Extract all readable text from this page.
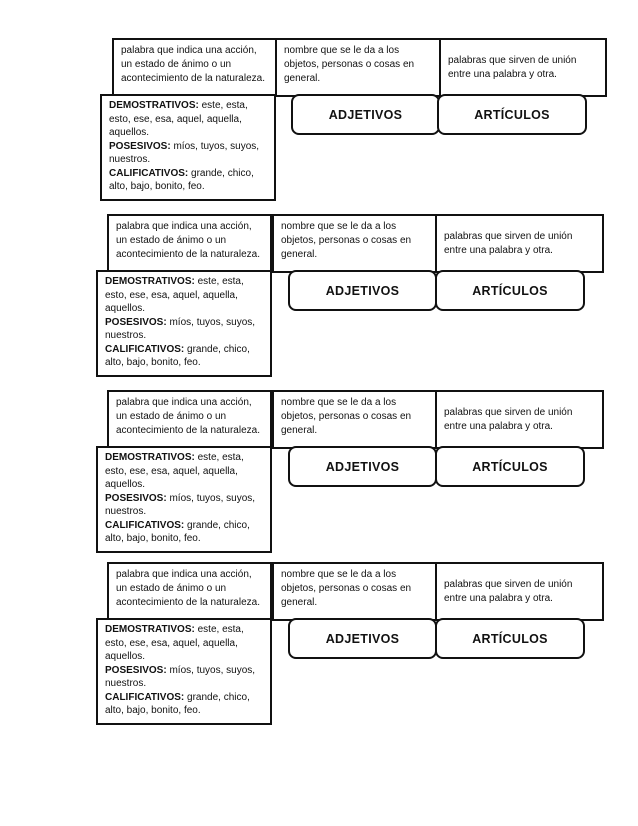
palabra que indica una acción, un estado de ánimo o un acontecimiento de la naturaleza.
nombre que se le da a los objetos, personas o cosas en general.
palabras que sirven de unión entre una palabra y otra.
DEMOSTRATIVOS: este, esta, esto, ese, esa, aquel, aquella, aquellos.
POSESIVOS: míos, tuyos, suyos, nuestros.
CALIFICATIVOS: grande, chico, alto, bajo, bonito, feo.
ADJETIVOS	ARTÍCULOS
palabra que indica una acción, un estado de ánimo o un acontecimiento de la naturaleza.
nombre que se le da a los objetos, personas o cosas en general.
palabras que sirven de unión entre una palabra y otra.
DEMOSTRATIVOS: este, esta, esto, ese, esa, aquel, aquella, aquellos.
POSESIVOS: míos, tuyos, suyos, nuestros.
CALIFICATIVOS: grande, chico, alto, bajo, bonito, feo.
ADJETIVOS	ARTÍCULOS
palabra que indica una acción, un estado de ánimo o un acontecimiento de la naturaleza.
nombre que se le da a los objetos, personas o cosas en general.
palabras que sirven de unión entre una palabra y otra.
DEMOSTRATIVOS: este, esta, esto, ese, esa, aquel, aquella, aquellos.
POSESIVOS: míos, tuyos, suyos, nuestros.
CALIFICATIVOS: grande, chico, alto, bajo, bonito, feo.
ADJETIVOS	ARTÍCULOS
palabra que indica una acción, un estado de ánimo o un acontecimiento de la naturaleza.
nombre que se le da a los objetos, personas o cosas en general.
palabras que sirven de unión entre una palabra y otra.
DEMOSTRATIVOS: este, esta, esto, ese, esa, aquel, aquella, aquellos.
POSESIVOS: míos, tuyos, suyos, nuestros.
CALIFICATIVOS: grande, chico, alto, bajo, bonito, feo.
ADJETIVOS	ARTÍCULOS
